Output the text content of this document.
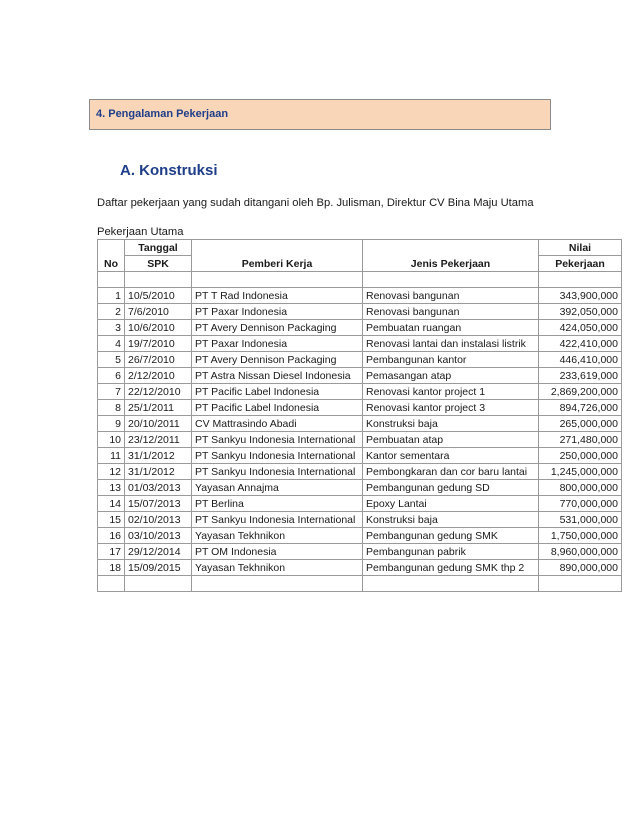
4. Pengalaman Pekerjaan
A. Konstruksi
Daftar pekerjaan yang sudah ditangani oleh Bp. Julisman, Direktur CV Bina Maju Utama
Pekerjaan Utama
No	Tanggal	Pemberi Kerja	Jenis Pekerjaan	Nilai
	SPK			Pekerjaan

1	10/5/2010	PT T Rad Indonesia	Renovasi bangunan	343,900,000
2	7/6/2010	PT Paxar Indonesia	Renovasi bangunan	392,050,000
3	10/6/2010	PT Avery Dennison Packaging	Pembuatan ruangan	424,050,000
4	19/7/2010	PT Paxar Indonesia	Renovasi lantai dan instalasi listrik	422,410,000
5	26/7/2010	PT Avery Dennison Packaging	Pembangunan kantor	446,410,000
6	2/12/2010	PT Astra Nissan Diesel Indonesia	Pemasangan atap	233,619,000
7	22/12/2010	PT Pacific Label Indonesia	Renovasi kantor project 1	2,869,200,000
8	25/1/2011	PT Pacific Label Indonesia	Renovasi kantor project 3	894,726,000
9	20/10/2011	CV Mattrasindo Abadi	Konstruksi baja	265,000,000
10	23/12/2011	PT Sankyu Indonesia International	Pembuatan atap	271,480,000
11	31/1/2012	PT Sankyu Indonesia International	Kantor sementara	250,000,000
12	31/1/2012	PT Sankyu Indonesia International	Pembongkaran dan cor baru lantai	1,245,000,000
13	01/03/2013	Yayasan Annajma	Pembangunan gedung SD	800,000,000
14	15/07/2013	PT Berlina	Epoxy Lantai	770,000,000
15	02/10/2013	PT Sankyu Indonesia International	Konstruksi baja	531,000,000
16	03/10/2013	Yayasan Tekhnikon	Pembangunan gedung SMK	1,750,000,000
17	29/12/2014	PT OM Indonesia	Pembangunan pabrik	8,960,000,000
18	15/09/2015	Yayasan Tekhnikon	Pembangunan gedung SMK thp 2	890,000,000
